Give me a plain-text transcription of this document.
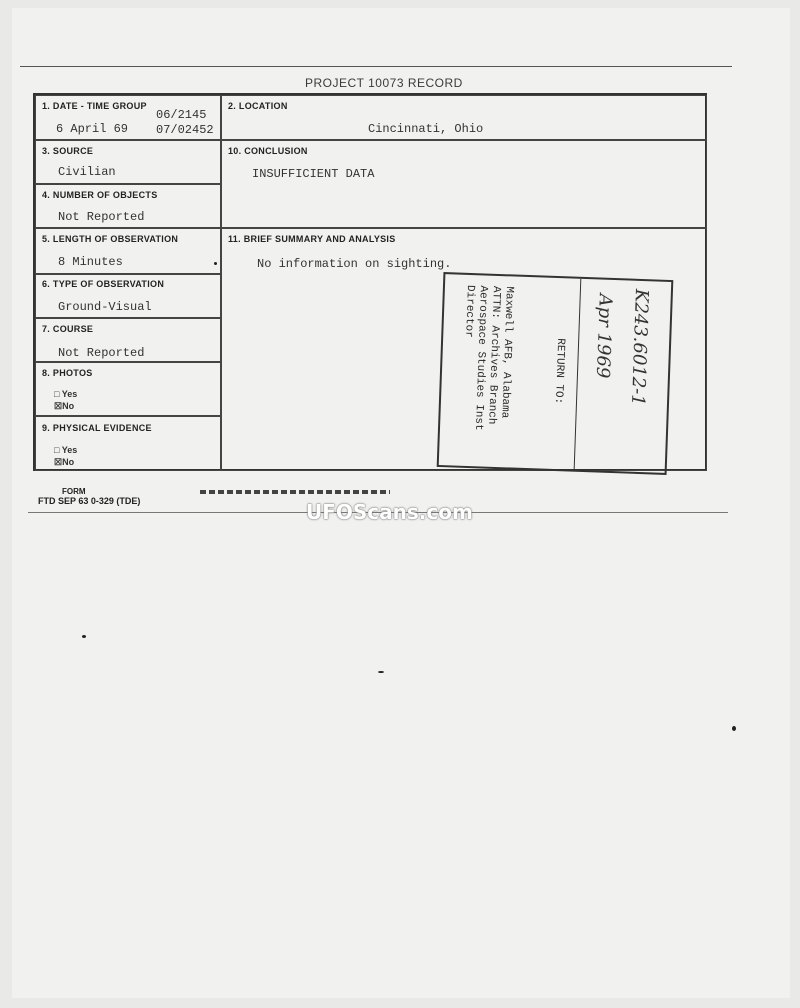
PROJECT 10073 RECORD
1. DATE - TIME GROUP
6 April 69
06/2145
07/02452
3. SOURCE
Civilian
4. NUMBER OF OBJECTS
Not Reported
5. LENGTH OF OBSERVATION
8 Minutes
6. TYPE OF OBSERVATION
Ground-Visual
7. COURSE
Not Reported
8. PHOTOS
□ Yes
☒No
9. PHYSICAL EVIDENCE
□ Yes
☒No
2. LOCATION
Cincinnati, Ohio
10. CONCLUSION
INSUFFICIENT DATA
11. BRIEF SUMMARY AND ANALYSIS
No information on sighting.
Maxwell AFB, Alabama
ATTN: Archives Branch
Aerospace Studies Inst
Director
RETURN TO: Apr 1969 K243.6012-1
FORM
FTD SEP 63 0-329 (TDE)	UFOScans.com
